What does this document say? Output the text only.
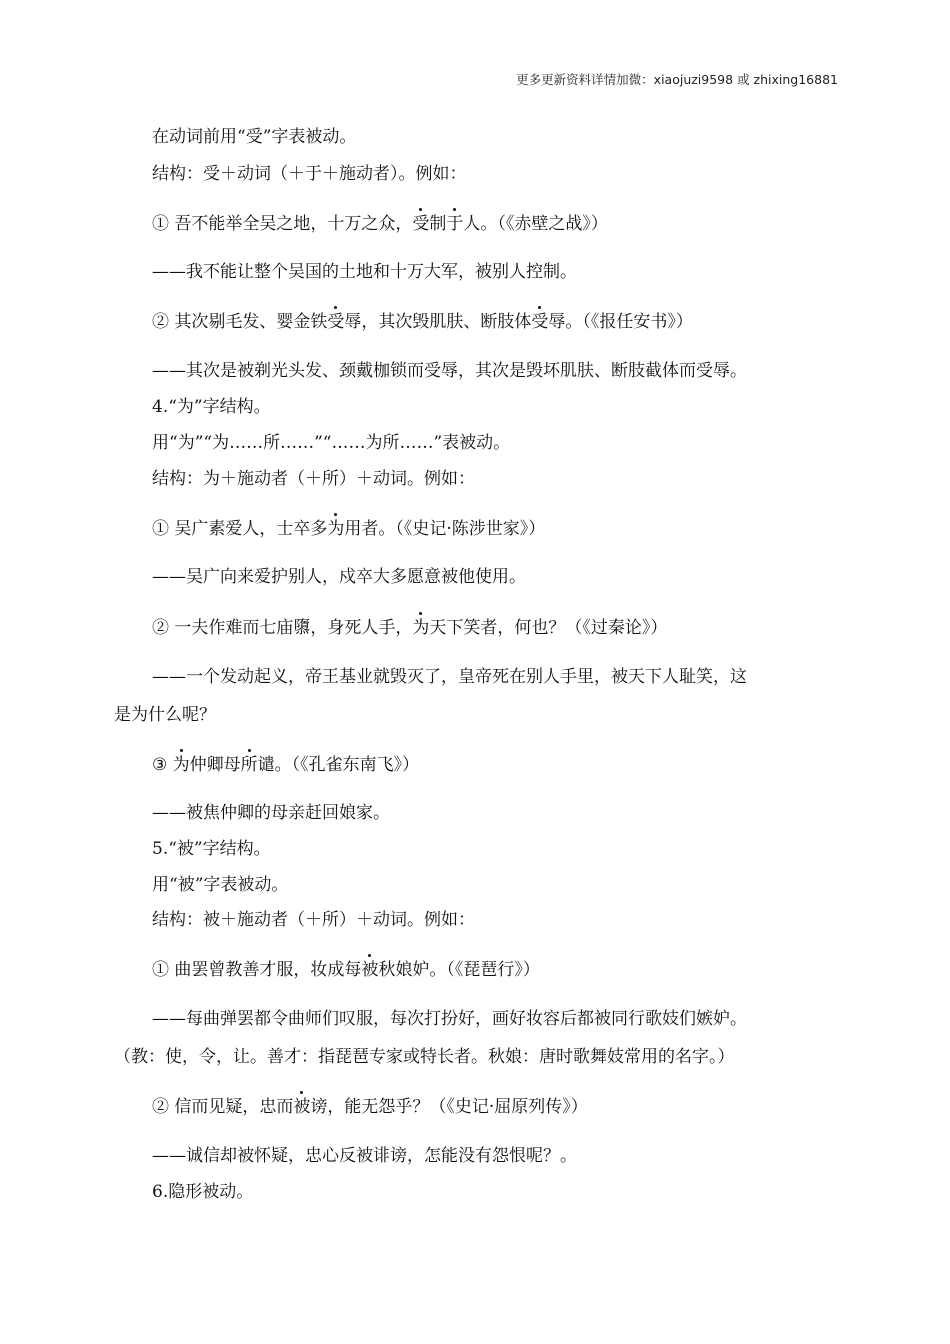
更多更新资料详情加微：xiaojuzi9598 或 zhixing16881
在动词前用“受”字表被动。
结构：受＋动词（＋于＋施动者）。例如：
① 吾不能举全吴之地，十万之众，受制于人。（《赤壁之战》）
——我不能让整个吴国的土地和十万大军，被别人控制。
② 其次剔毛发、婴金铁受辱，其次毁肌肤、断肢体受辱。（《报任安书》）
——其次是被剃光头发、颈戴枷锁而受辱，其次是毁坏肌肤、断肢截体而受辱。
4.“为”字结构。
用“为”“为……所……”“……为所……”表被动。
结构：为＋施动者（＋所）＋动词。例如：
① 吴广素爱人，士卒多为用者。（《史记·陈涉世家》）
——吴广向来爱护别人，戍卒大多愿意被他使用。
② 一夫作难而七庙隳，身死人手，为天下笑者，何也？（《过秦论》）
——一个发动起义，帝王基业就毁灭了，皇帝死在别人手里，被天下人耻笑，这
是为什么呢？
③ 为仲卿母所谴。（《孔雀东南飞》）
——被焦仲卿的母亲赶回娘家。
5.“被”字结构。
用“被”字表被动。
结构：被＋施动者（＋所）＋动词。例如：
① 曲罢曾教善才服，妆成每被秋娘妒。（《琵琶行》）
——每曲弹罢都令曲师们叹服，每次打扮好，画好妆容后都被同行歌妓们嫉妒。
（教：使，令，让。善才：指琵琶专家或特长者。秋娘：唐时歌舞妓常用的名字。）
② 信而见疑，忠而被谤，能无怨乎？（《史记·屈原列传》）
——诚信却被怀疑，忠心反被诽谤，怎能没有怨恨呢？。
6.隐形被动。
